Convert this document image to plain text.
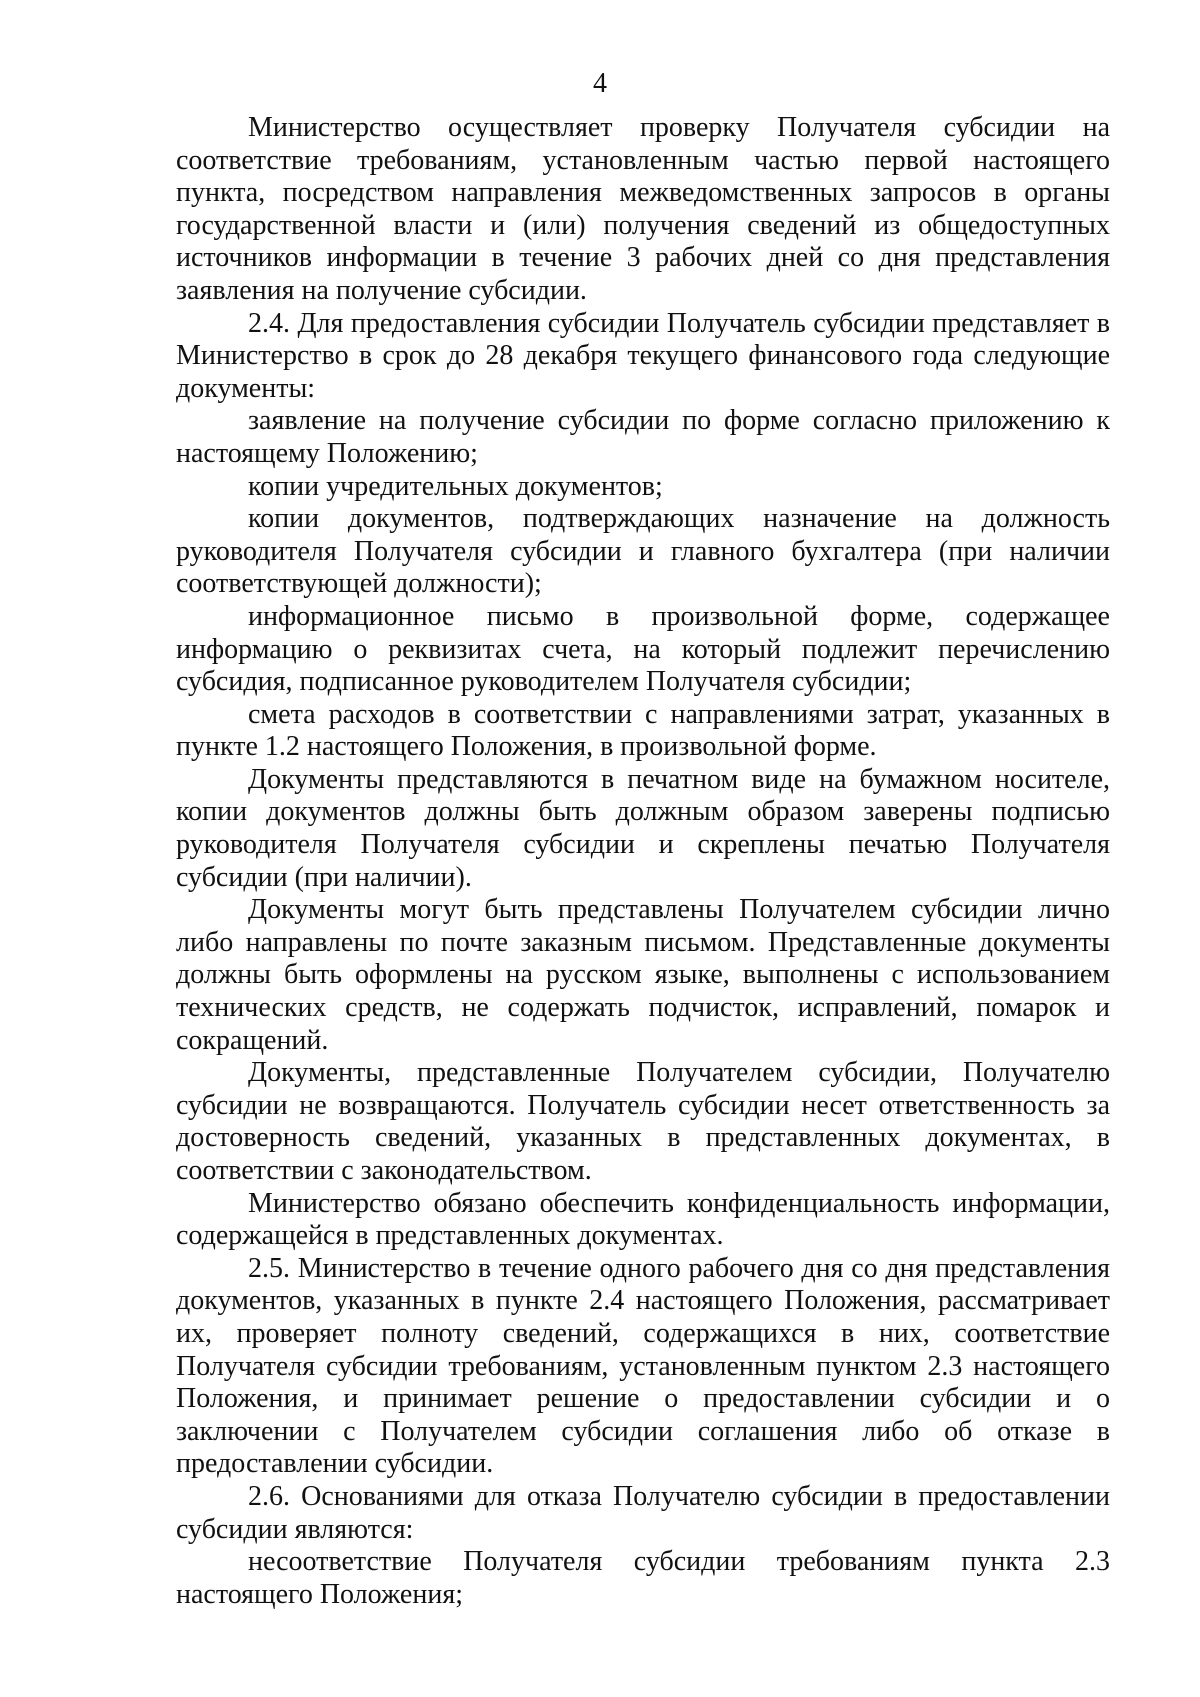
4

Министерство осуществляет проверку Получателя субсидии на соответствие требованиям, установленным частью первой настоящего пункта, посредством направления межведомственных запросов в органы государственной власти и (или) получения сведений из общедоступных источников информации в течение 3 рабочих дней со дня представления заявления на получение субсидии.

2.4. Для предоставления субсидии Получатель субсидии представляет в Министерство в срок до 28 декабря текущего финансового года следующие документы:

заявление на получение субсидии по форме согласно приложению к настоящему Положению;

копии учредительных документов;

копии документов, подтверждающих назначение на должность руководителя Получателя субсидии и главного бухгалтера (при наличии соответствующей должности);

информационное письмо в произвольной форме, содержащее информацию о реквизитах счета, на который подлежит перечислению субсидия, подписанное руководителем Получателя субсидии;

смета расходов в соответствии с направлениями затрат, указанных в пункте 1.2 настоящего Положения, в произвольной форме.

Документы представляются в печатном виде на бумажном носителе, копии документов должны быть должным образом заверены подписью руководителя Получателя субсидии и скреплены печатью Получателя субсидии (при наличии).

Документы могут быть представлены Получателем субсидии лично либо направлены по почте заказным письмом. Представленные документы должны быть оформлены на русском языке, выполнены с использованием технических средств, не содержать подчисток, исправлений, помарок и сокращений.

Документы, представленные Получателем субсидии, Получателю субсидии не возвращаются. Получатель субсидии несет ответственность за достоверность сведений, указанных в представленных документах, в соответствии с законодательством.

Министерство обязано обеспечить конфиденциальность информации, содержащейся в представленных документах.

2.5. Министерство в течение одного рабочего дня со дня представления документов, указанных в пункте 2.4 настоящего Положения, рассматривает их, проверяет полноту сведений, содержащихся в них, соответствие Получателя субсидии требованиям, установленным пунктом 2.3 настоящего Положения, и принимает решение о предоставлении субсидии и о заключении с Получателем субсидии соглашения либо об отказе в предоставлении субсидии.

2.6. Основаниями для отказа Получателю субсидии в предоставлении субсидии являются:

несоответствие Получателя субсидии требованиям пункта 2.3 настоящего Положения;
